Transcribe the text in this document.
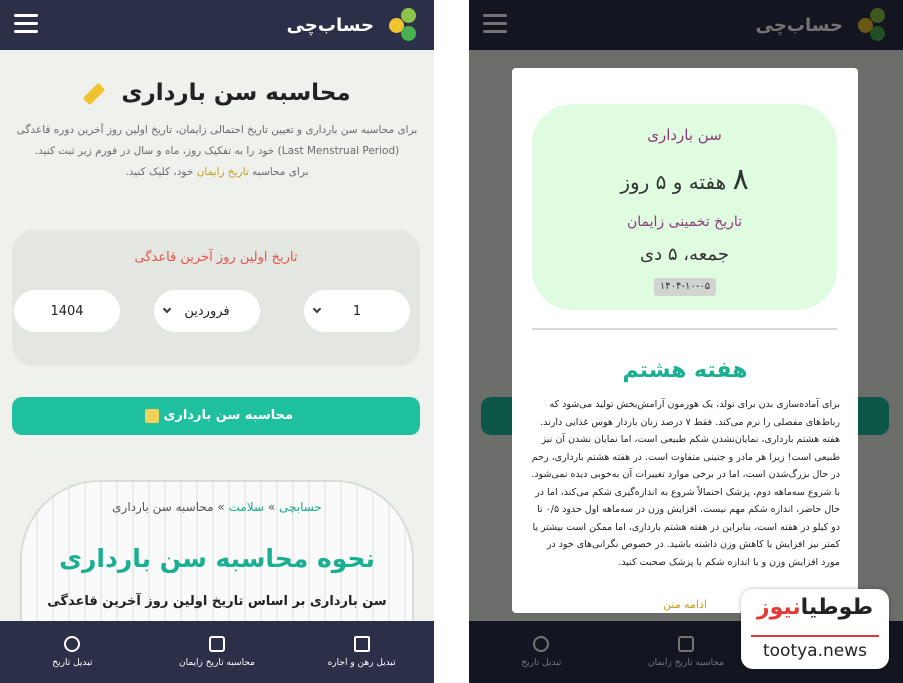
حساب‌چی
محاسبه سن بارداری
برای محاسبه سن بارداری و تعیین تاریخ احتمالی زایمان، تاریخ اولین روز آخرین دوره قاعدگی
(Last Menstrual Period) خود را به تفکیک روز، ماه و سال در فورم زیر ثبت کنید.
برای محاسبه تاریخ زایمان خود، کلیک کنید.
تاریخ اولین روز آخرین قاعدگی
1
فروردین
1404
محاسبه سن بارداری
حسابچی » سلامت » محاسبه سن بارداری
نحوه محاسبه سن بارداری
سن بارداری بر اساس تاریخ اولین روز آخرین قاعدگی
تبدیل تاریخ	محاسبه تاریخ زایمان	تبدیل رهن و اجاره
سن بارداری
۸ هفته و ۵ روز
تاریخ تخمینی زایمان
جمعه، ۵ دی
۱۴۰۴-۱۰-۰۵
هفته هشتم
برای آماده‌سازی بدن برای تولد، یک هورمون آرامش‌بخش تولید می‌شود که رباط‌های مفصلی را نرم می‌کند. فقط ۷ درصد زنان باردار هوس غذایی دارند. هفته هشتم بارداری، نمایان‌نشدن شکم طبیعی است، اما نمایان نشدن آن نیز طبیعی است! زیرا هر مادر و جنینی متفاوت است. در هفته هشتم بارداری، رحم در حال بزرگ‌شدن است، اما در برخی موارد تغییرات آن به‌خوبی دیده نمی‌شود. با شروع سه‌ماهه دوم، پزشک احتمالاً شروع به اندازه‌گیری شکم می‌کند، اما در حال حاضر، اندازه شکم مهم نیست. افزایش وزن در سه‌ماهه اول حدود ۰/۵ تا دو کیلو در هفته است، بنابراین در هفته هشتم بارداری، اما ممکن است بیشتر یا کمتر نیز افزایش یا کاهش وزن داشته باشید. در خصوص نگرانی‌های خود در مورد افزایش وزن و یا اندازه شکم با پزشک صحبت کنید.
ادامه متن	طوطیانیوز
tootya.news
